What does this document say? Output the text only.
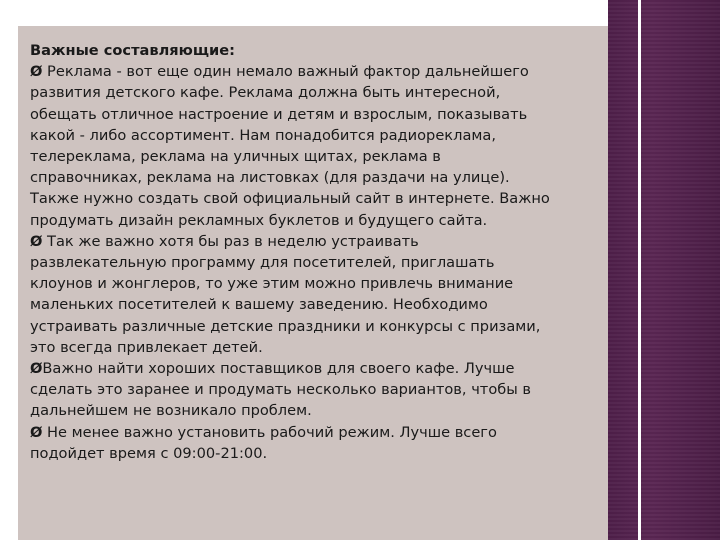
Важные составляющие:
Ø Реклама - вот еще один немало важный фактор дальнейшего
развития детского кафе. Реклама должна быть интересной,
обещать отличное настроение и детям и взрослым, показывать
какой - либо ассортимент. Нам понадобится радиореклама,
телереклама, реклама на уличных щитах, реклама в
справочниках, реклама на листовках (для раздачи на улице).
Также нужно создать свой официальный сайт в интернете. Важно
продумать дизайн рекламных буклетов и будущего сайта.
Ø Так же важно хотя бы раз в неделю устраивать
развлекательную программу для посетителей, приглашать
клоунов и жонглеров, то уже этим можно привлечь внимание
маленьких посетителей к вашему заведению. Необходимо
устраивать различные детские праздники и конкурсы с призами,
это всегда привлекает детей.
ØВажно найти хороших поставщиков для своего кафе. Лучше
сделать это заранее и продумать несколько вариантов, чтобы в
дальнейшем не возникало проблем.
Ø Не менее важно установить рабочий режим. Лучше всего
подойдет время с 09:00-21:00.
